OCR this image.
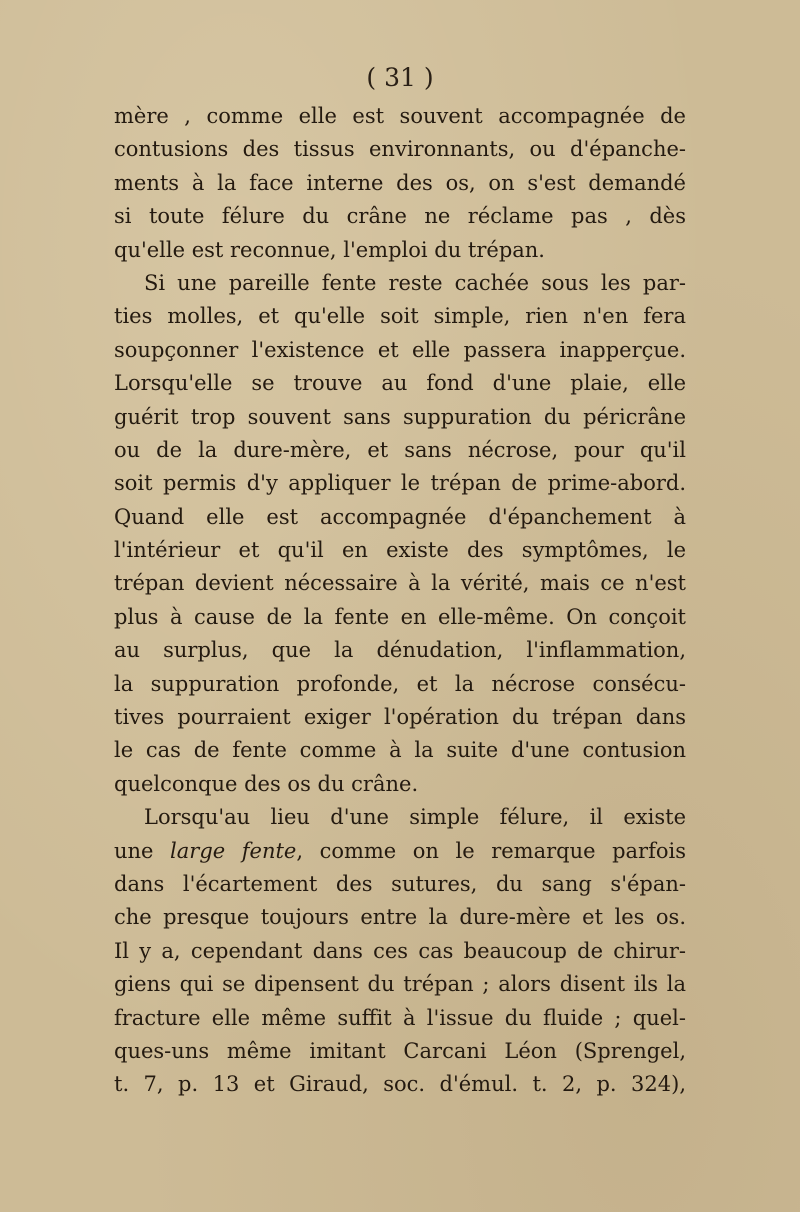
( 31 )
mère , comme elle est souvent accompagnée de
contusions des tissus environnants, ou d'épanche-
ments à la face interne des os, on s'est demandé
si toute félure du crâne ne réclame pas , dès
qu'elle est reconnue, l'emploi du trépan.
Si une pareille fente reste cachée sous les par-
ties molles, et qu'elle soit simple, rien n'en fera
soupçonner l'existence et elle passera inapperçue.
Lorsqu'elle se trouve au fond d'une plaie, elle
guérit trop souvent sans suppuration du péricrâne
ou de la dure-mère, et sans nécrose, pour qu'il
soit permis d'y appliquer le trépan de prime-abord.
Quand elle est accompagnée d'épanchement à
l'intérieur et qu'il en existe des symptômes, le
trépan devient nécessaire à la vérité, mais ce n'est
plus à cause de la fente en elle-même. On conçoit
au surplus, que la dénudation, l'inflammation,
la suppuration profonde, et la nécrose consécu-
tives pourraient exiger l'opération du trépan dans
le cas de fente comme à la suite d'une contusion
quelconque des os du crâne.
Lorsqu'au lieu d'une simple félure, il existe
une large fente, comme on le remarque parfois
dans l'écartement des sutures, du sang s'épan-
che presque toujours entre la dure-mère et les os.
Il y a, cependant dans ces cas beaucoup de chirur-
giens qui se dipensent du trépan ; alors disent ils la
fracture elle même suffit à l'issue du fluide ; quel-
ques-uns même imitant Carcani Léon (Sprengel,
t. 7, p. 13 et Giraud, soc. d'émul. t. 2, p. 324),
